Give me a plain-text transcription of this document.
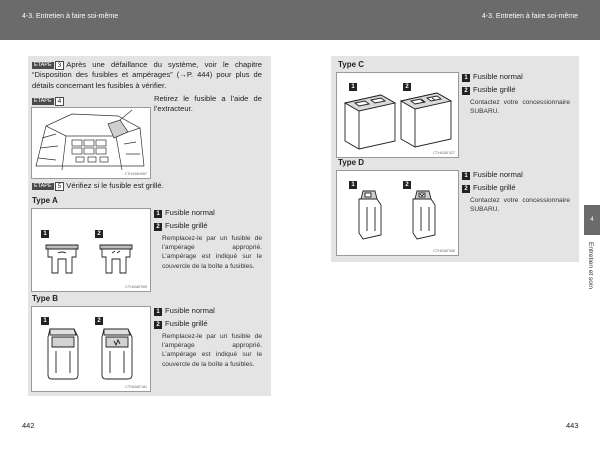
4-3. Entretien à faire soi-même	4-3. Entretien à faire soi-même
ÉTAPE 3 Après une défaillance du système, voir le chapitre “Disposition des fusibles et ampérages” (→P. 444) pour plus de détails concernant les fusibles à vérifier.
ÉTAPE 4
CTH43AH067
Retirez le fusible a l’aide de l’extracteur.
ÉTAPE 5 Vérifiez si le fusible est grillé.
Type A
1	2
CTH43AT009
1 Fusible normal
2 Fusible grillé
Remplacez-le par un fusible de l’ampérage approprié. L’ampérage est indiqué sur le couvercle de la boîte a fusibles.
Type B
1	2
CTH43AT181
1 Fusible normal
2 Fusible grillé
Remplacez-le par un fusible de l’ampérage approprié. L’ampérage est indiqué sur le couvercle de la boîte a fusibles.
442
Type C
1	2
CTH43AT027
1 Fusible normal
2 Fusible grillé
Contactez votre concessionnaire SUBARU.
Type D
1	2
CTH43AT066
1 Fusible normal
2 Fusible grillé
Contactez votre concessionnaire SUBARU.
4
Entretien et soin
443
